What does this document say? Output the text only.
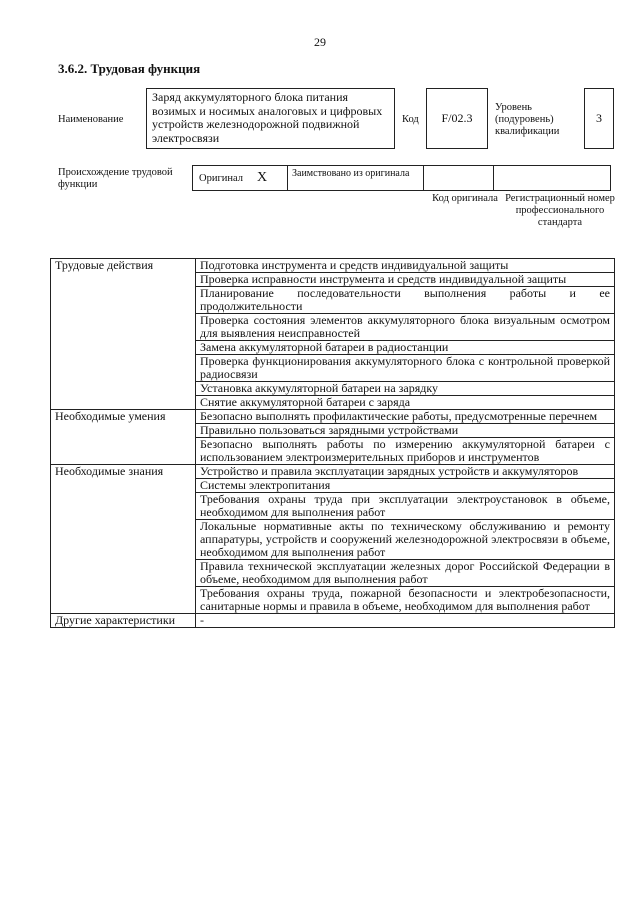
29
3.6.2. Трудовая функция
Наименование
Заряд аккумуляторного блока питания возимых и носимых аналоговых и цифровых устройств железнодорожной подвижной электросвязи
Код	F/02.3
Уровень (подуровень) квалификации
3
Происхождение трудовой функции
Оригинал X	Заимствовано из оригинала
Код оригинала Регистрационный номер профессионального стандарта
Трудовые действия	Подготовка инструмента и средств индивидуальной защиты
	Проверка исправности инструмента и средств индивидуальной защиты
	Планирование последовательности выполнения работы и ее продолжительности
	Проверка состояния элементов аккумуляторного блока визуальным осмотром для выявления неисправностей
	Замена аккумуляторной батареи в радиостанции
	Проверка функционирования аккумуляторного блока с контрольной проверкой радиосвязи
	Установка аккумуляторной батареи на зарядку
	Снятие аккумуляторной батареи с заряда
Необходимые умения	Безопасно выполнять профилактические работы, предусмотренные перечнем
	Правильно пользоваться зарядными устройствами
	Безопасно выполнять работы по измерению аккумуляторной батареи с использованием электроизмерительных приборов и инструментов
Необходимые знания	Устройство и правила эксплуатации зарядных устройств и аккумуляторов
	Системы электропитания
	Требования охраны труда при эксплуатации электроустановок в объеме, необходимом для выполнения работ
	Локальные нормативные акты по техническому обслуживанию и ремонту аппаратуры, устройств и сооружений железнодорожной электросвязи в объеме, необходимом для выполнения работ
	Правила технической эксплуатации железных дорог Российской Федерации в объеме, необходимом для выполнения работ
	Требования охраны труда, пожарной безопасности и электробезопасности, санитарные нормы и правила в объеме, необходимом для выполнения работ
Другие характеристики	-
